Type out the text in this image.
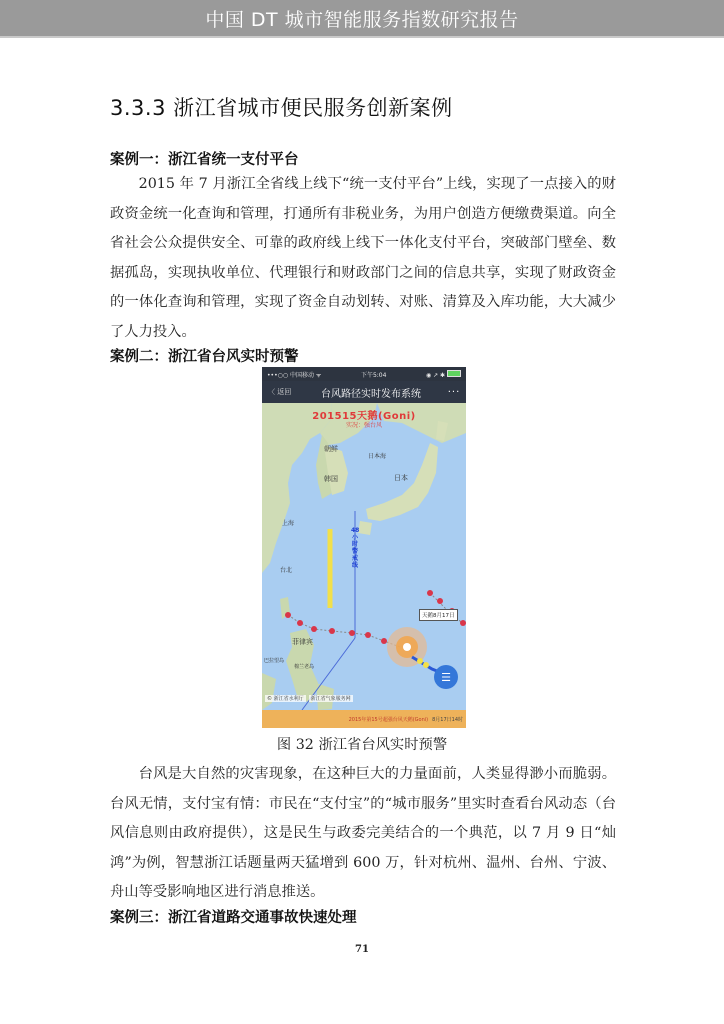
中国 DT 城市智能服务指数研究报告
3.3.3 浙江省城市便民服务创新案例
案例一：浙江省统一支付平台

2015 年 7 月浙江全省线上线下“统一支付平台”上线，实现了一点接入的财政资金统一化查询和管理，打通所有非税业务，为用户创造方便缴费渠道。向全省社会公众提供安全、可靠的政府线上线下一体化支付平台，突破部门壁垒、数据孤岛，实现执收单位、代理银行和财政部门之间的信息共享，实现了财政资金的一体化查询和管理，实现了资金自动划转、对账、清算及入库功能，大大减少了人力投入。

案例二：浙江省台风实时预警
•••○○ 中国移动 ᯤ	下午5:04	◉ ↗ ✱
〈 返回	台风路径实时发布系统	···
201515天鹅(Goni)
实况：强台风
朝鲜
韩国
日本海
日本
上海
台北
菲律宾
棉兰老岛
巴拉望岛
48小时警戒线
天鹅8月17日
☰
© 浙江省水利厅	浙江省气象服务网
2015年第15号超强台风天鹅(Goni) 8月17日14时
图 32 浙江省台风实时预警

台风是大自然的灾害现象，在这种巨大的力量面前，人类显得渺小而脆弱。台风无情，支付宝有情：市民在“支付宝”的“城市服务”里实时查看台风动态（台风信息则由政府提供），这是民生与政委完美结合的一个典范，以 7 月 9 日“灿鸿”为例，智慧浙江话题量两天猛增到 600 万，针对杭州、温州、台州、宁波、舟山等受影响地区进行消息推送。

案例三：浙江省道路交通事故快速处理
71
